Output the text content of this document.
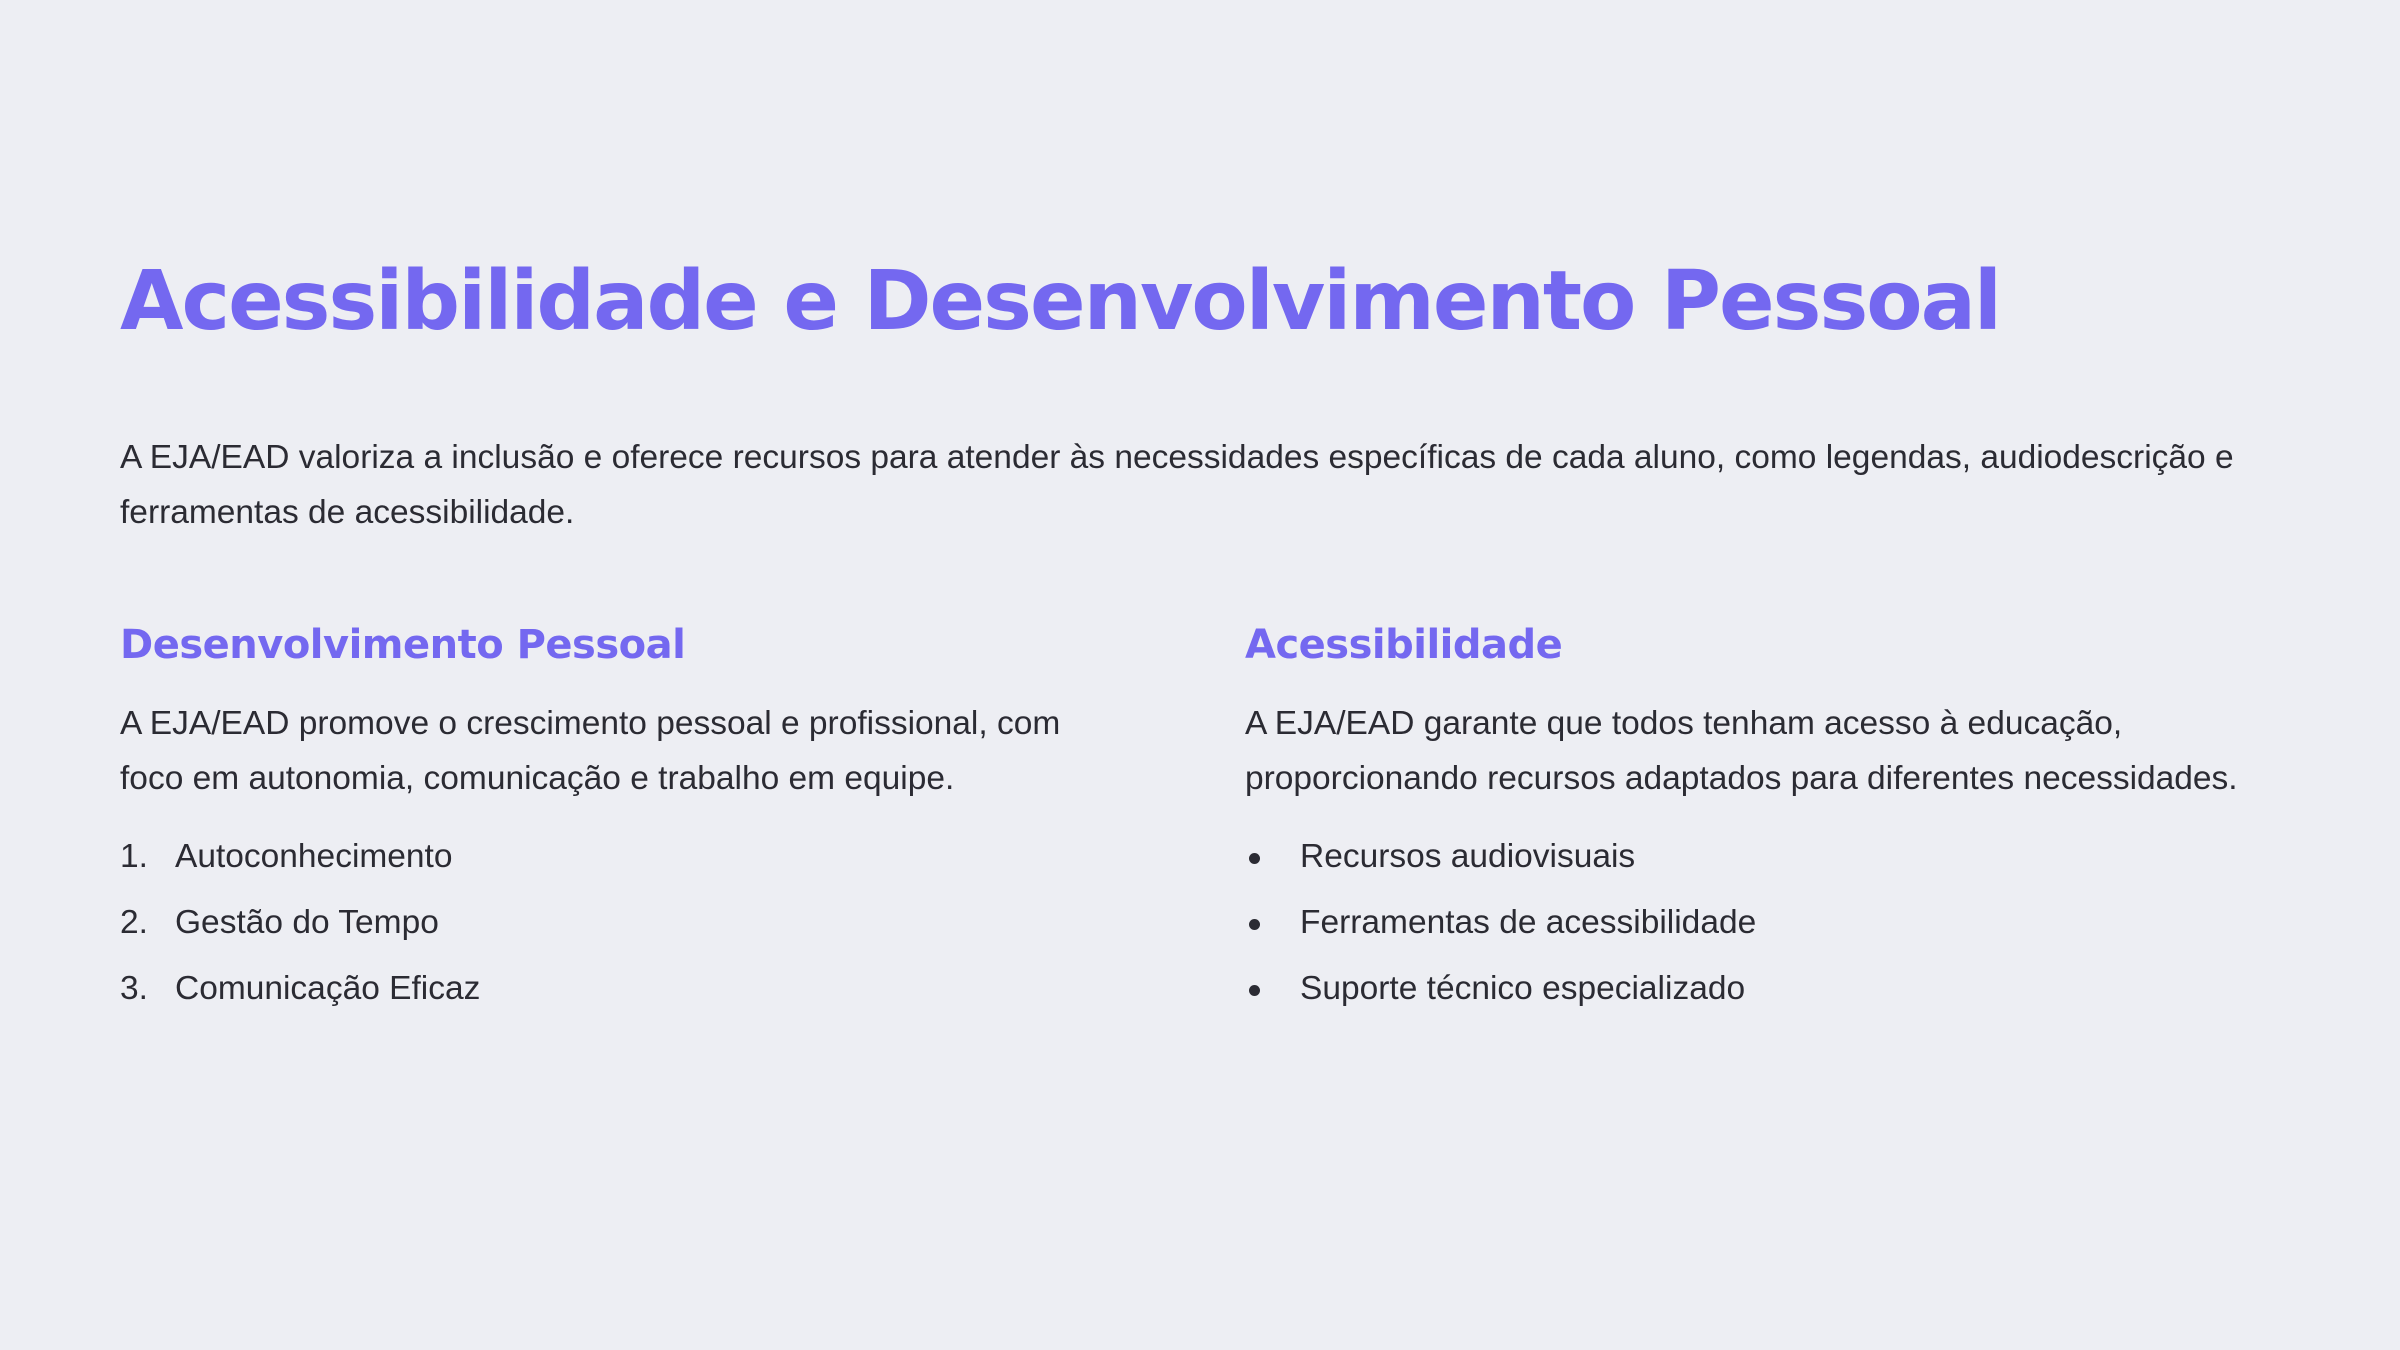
Acessibilidade e Desenvolvimento Pessoal

A EJA/EAD valoriza a inclusão e oferece recursos para atender às necessidades específicas de cada aluno, como legendas, audiodescrição e ferramentas de acessibilidade.

Desenvolvimento Pessoal

A EJA/EAD promove o crescimento pessoal e profissional, com foco em autonomia, comunicação e trabalho em equipe.

1. Autoconhecimento
2. Gestão do Tempo
3. Comunicação Eficaz
Acessibilidade

A EJA/EAD garante que todos tenham acesso à educação, proporcionando recursos adaptados para diferentes necessidades.

Recursos audiovisuais
Ferramentas de acessibilidade
Suporte técnico especializado
